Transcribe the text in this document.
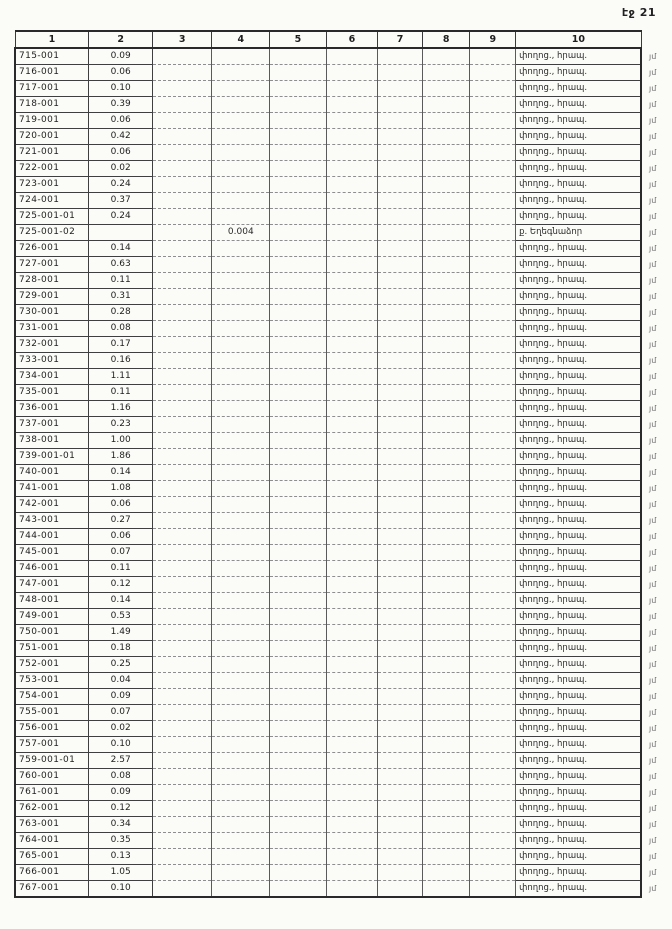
էջ 21
1	2	3	4	5	6	7	8	9	10	
715-001	0.09								փողոց., հրապ.	յմ
716-001	0.06								փողոց., հրապ.	յմ
717-001	0.10								փողոց., հրապ.	յմ
718-001	0.39								փողոց., հրապ.	յմ
719-001	0.06								փողոց., հրապ.	յմ
720-001	0.42								փողոց., հրապ.	յմ
721-001	0.06								փողոց., հրապ.	յմ
722-001	0.02								փողոց., հրապ.	յմ
723-001	0.24								փողոց., հրապ.	յմ
724-001	0.37								փողոց., հրապ.	յմ
725-001-01	0.24								փողոց., հրապ.	յմ
725-001-02			0.004						ք. Եղեգնաձոր	յմ
726-001	0.14								փողոց., հրապ.	յմ
727-001	0.63								փողոց., հրապ.	յմ
728-001	0.11								փողոց., հրապ.	յմ
729-001	0.31								փողոց., հրապ.	յմ
730-001	0.28								փողոց., հրապ.	յմ
731-001	0.08								փողոց., հրապ.	յմ
732-001	0.17								փողոց., հրապ.	յմ
733-001	0.16								փողոց., հրապ.	յմ
734-001	1.11								փողոց., հրապ.	յմ
735-001	0.11								փողոց., հրապ.	յմ
736-001	1.16								փողոց., հրապ.	յմ
737-001	0.23								փողոց., հրապ.	յմ
738-001	1.00								փողոց., հրապ.	յմ
739-001-01	1.86								փողոց., հրապ.	յմ
740-001	0.14								փողոց., հրապ.	յմ
741-001	1.08								փողոց., հրապ.	յմ
742-001	0.06								փողոց., հրապ.	յմ
743-001	0.27								փողոց., հրապ.	յմ
744-001	0.06								փողոց., հրապ.	յմ
745-001	0.07								փողոց., հրապ.	յմ
746-001	0.11								փողոց., հրապ.	յմ
747-001	0.12								փողոց., հրապ.	յմ
748-001	0.14								փողոց., հրապ.	յմ
749-001	0.53								փողոց., հրապ.	յմ
750-001	1.49								փողոց., հրապ.	յմ
751-001	0.18								փողոց., հրապ.	յմ
752-001	0.25								փողոց., հրապ.	յմ
753-001	0.04								փողոց., հրապ.	յմ
754-001	0.09								փողոց., հրապ.	յմ
755-001	0.07								փողոց., հրապ.	յմ
756-001	0.02								փողոց., հրապ.	յմ
757-001	0.10								փողոց., հրապ.	յմ
759-001-01	2.57								փողոց., հրապ.	յմ
760-001	0.08								փողոց., հրապ.	յմ
761-001	0.09								փողոց., հրապ.	յմ
762-001	0.12								փողոց., հրապ.	յմ
763-001	0.34								փողոց., հրապ.	յմ
764-001	0.35								փողոց., հրապ.	յմ
765-001	0.13								փողոց., հրապ.	յմ
766-001	1.05								փողոց., հրապ.	յմ
767-001	0.10								փողոց., հրապ.	յմ
